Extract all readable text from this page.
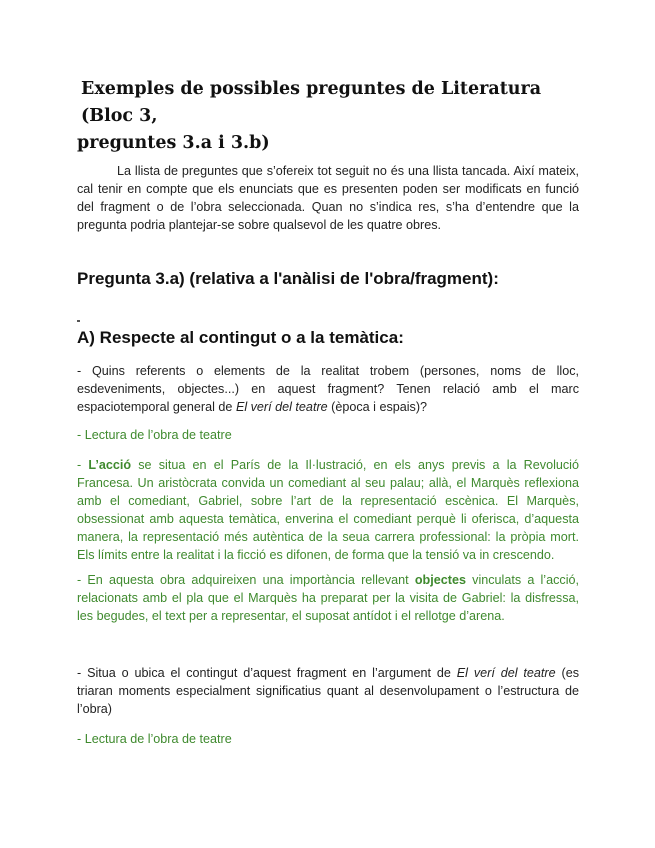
Exemples de possibles preguntes de Literatura (Bloc 3,
preguntes 3.a i 3.b)

La llista de preguntes que s’ofereix tot seguit no és una llista tancada. Així mateix, cal tenir en compte que els enunciats que es presenten poden ser modificats en funció del fragment o de l’obra seleccionada. Quan no s’indica res, s’ha d’entendre que la pregunta podria plantejar-se sobre qualsevol de les quatre obres.

Pregunta 3.a) (relativa a l'anàlisi de l'obra/fragment):
A) Respecte al contingut o a la temàtica:

- Quins referents o elements de la realitat trobem (persones, noms de lloc, esdeveniments, objectes...) en aquest fragment? Tenen relació amb el marc espaciotemporal general de El verí del teatre (època i espais)?

- Lectura de l’obra de teatre

- L’acció se situa en el París de la Il·lustració, en els anys previs a la Revolució Francesa. Un aristòcrata convida un comediant al seu palau; allà, el Marquès reflexiona amb el comediant, Gabriel, sobre l’art de la representació escènica. El Marquès, obsessionat amb aquesta temàtica, enverina el comediant perquè li oferisca, d’aquesta manera, la representació més autèntica de la seua carrera professional: la pròpia mort. Els límits entre la realitat i la ficció es difonen, de forma que la tensió va in crescendo.

- En aquesta obra adquireixen una importància rellevant objectes vinculats a l’acció, relacionats amb el pla que el Marquès ha preparat per la visita de Gabriel: la disfressa, les begudes, el text per a representar, el suposat antídot i el rellotge d’arena.

- Situa o ubica el contingut d’aquest fragment en l’argument de El verí del teatre (es triaran moments especialment significatius quant al desenvolupament o l’estructura de l’obra)

- Lectura de l’obra de teatre
